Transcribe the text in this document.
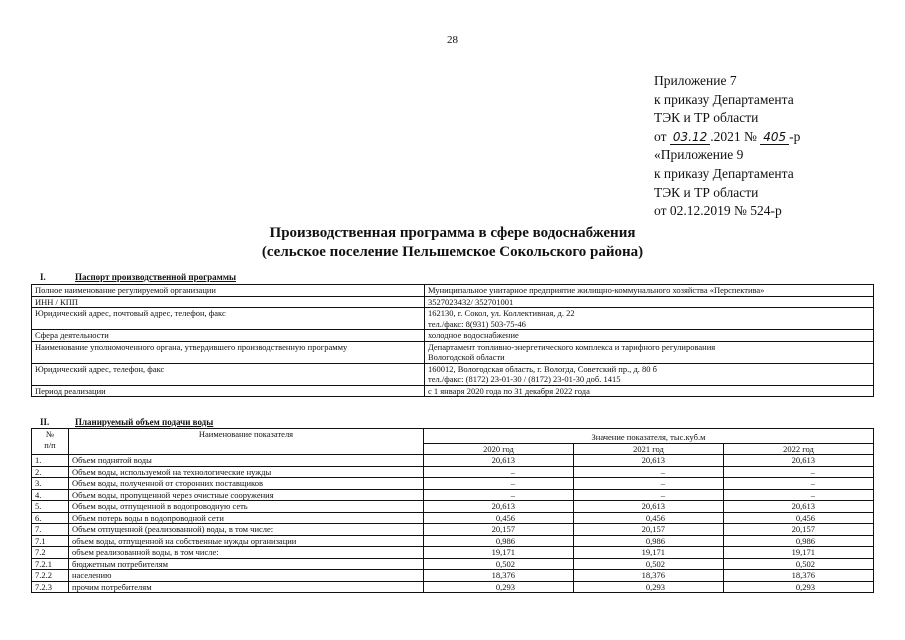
28
Приложение 7
к приказу Департамента
ТЭК и ТР области
от 03.12 .2021 № 405 -р
«Приложение 9
к приказу Департамента
ТЭК и ТР области
от 02.12.2019 № 524-р
Производственная программа в сфере водоснабжения
(сельское поселение Пельшемское Сокольского района)
I.	Паспорт производственной программы
Полное наименование регулируемой организации	Муниципальное унитарное предприятие жилищно-коммунального хозяйства «Перспектива»

ИНН / КПП	3527023432/ 352701001

Юридический адрес, почтовый адрес, телефон, факс	162130, г. Сокол, ул. Коллективная, д. 22
тел./факс: 8(931) 503-75-46

Сфера деятельности	холодное водоснабжение

Наименование уполномоченного органа, утвердившего производственную программу	Департамент топливно-энергетического комплекса и тарифного регулирования
Вологодской области

Юридический адрес, телефон, факс	160012, Вологодская область, г. Вологда, Советский пр., д. 80 б
тел./факс: (8172) 23-01-30 / (8172) 23-01-30 доб. 1415

Период реализации	с 1 января 2020 года по 31 декабря 2022 года
II.	Планируемый объем подачи воды
№
п/п	Наименование показателя	Значение показателя, тыс.куб.м		
		2020 год	2021 год	2022 год
1.	Объем поднятой воды	20,613	20,613	20,613
2.	Объем воды, используемой на технологические нужды	–	–	–
3.	Объем воды, полученной от сторонних поставщиков	–	–	–
4.	Объем воды, пропущенной через очистные сооружения	–	–	–
5.	Объем воды, отпущенной в водопроводную сеть	20,613	20,613	20,613
6.	Объем потерь воды в водопроводной сети	0,456	0,456	0,456
7.	Объем отпущенной (реализованной) воды, в том числе:	20,157	20,157	20,157
7.1	объем воды, отпущенной на собственные нужды организации	0,986	0,986	0,986
7.2	объем реализованной воды, в том числе:	19,171	19,171	19,171
7.2.1	бюджетным потребителям	0,502	0,502	0,502
7.2.2	населению	18,376	18,376	18,376
7.2.3	прочим потребителям	0,293	0,293	0,293
